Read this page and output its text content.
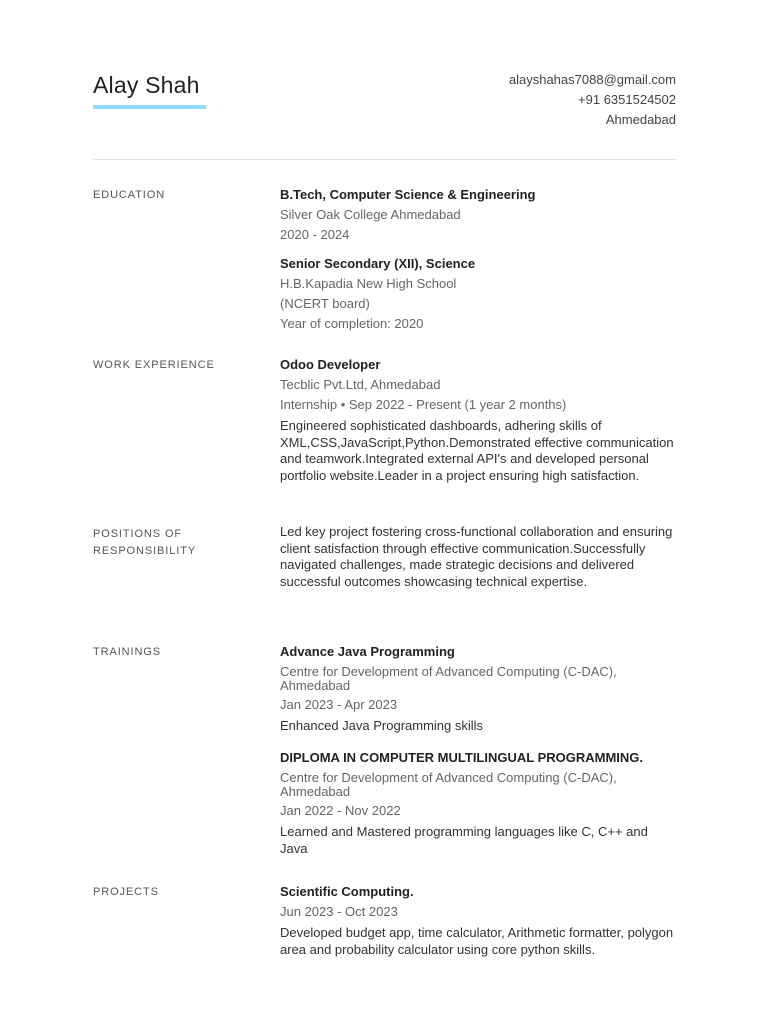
Alay Shah	alayshahas7088@gmail.com
+91 6351524502
Ahmedabad
EDUCATION	B.Tech, Computer Science & Engineering
Silver Oak College Ahmedabad
2020 - 2024
Senior Secondary (XII), Science
H.B.Kapadia New High School
(NCERT board)
Year of completion: 2020
WORK EXPERIENCE	Odoo Developer
Tecblic Pvt.Ltd, Ahmedabad
Internship • Sep 2022 - Present (1 year 2 months)
Engineered sophisticated dashboards, adhering skills of XML,CSS,JavaScript,Python.Demonstrated effective communication and teamwork.Integrated external API's and developed personal portfolio website.Leader in a project ensuring high satisfaction.
POSITIONS OF
RESPONSIBILITY
Led key project fostering cross-functional collaboration and ensuring client satisfaction through effective communication.Successfully navigated challenges, made strategic decisions and delivered successful outcomes showcasing technical expertise.
TRAININGS	Advance Java Programming
Centre for Development of Advanced Computing (C-DAC), Ahmedabad
Jan 2023 - Apr 2023
Enhanced Java Programming skills
DIPLOMA IN COMPUTER MULTILINGUAL PROGRAMMING.
Centre for Development of Advanced Computing (C-DAC), Ahmedabad
Jan 2022 - Nov 2022
Learned and Mastered programming languages like C, C++ and Java
PROJECTS	Scientific Computing.
Jun 2023 - Oct 2023
Developed budget app, time calculator, Arithmetic formatter, polygon area and probability calculator using core python skills.
